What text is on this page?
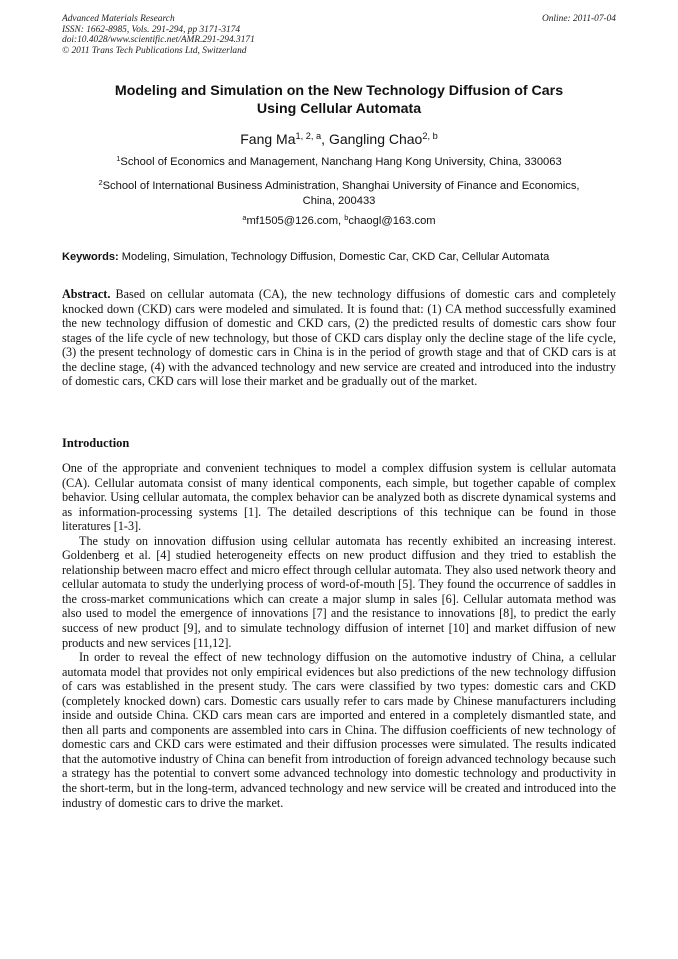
Advanced Materials Research
ISSN: 1662-8985, Vols. 291-294, pp 3171-3174
doi:10.4028/www.scientific.net/AMR.291-294.3171
© 2011 Trans Tech Publications Ltd, Switzerland
Online: 2011-07-04
Modeling and Simulation on the New Technology Diffusion of Cars
Using Cellular Automata
Fang Ma$^{1, 2, a}$, Gangling Chao$^{2, b}$
$^1$School of Economics and Management, Nanchang Hang Kong University, China, 330063
$^2$School of International Business Administration, Shanghai University of Finance and Economics,
China, 200433
$^a$mf1505@126.com, $^b$chaogl@163.com
Keywords: Modeling, Simulation, Technology Diffusion, Domestic Car, CKD Car, Cellular Automata
Abstract. Based on cellular automata (CA), the new technology diffusions of domestic cars and completely knocked down (CKD) cars were modeled and simulated. It is found that: (1) CA method successfully examined the new technology diffusion of domestic and CKD cars, (2) the predicted results of domestic cars show four stages of the life cycle of new technology, but those of CKD cars display only the decline stage of the life cycle, (3) the present technology of domestic cars in China is in the period of growth stage and that of CKD cars is at the decline stage, (4) with the advanced technology and new service are created and introduced into the industry of domestic cars, CKD cars will lose their market and be gradually out of the market.
Introduction

One of the appropriate and convenient techniques to model a complex diffusion system is cellular automata (CA). Cellular automata consist of many identical components, each simple, but together capable of complex behavior. Using cellular automata, the complex behavior can be analyzed both as discrete dynamical systems and as information-processing systems [1]. The detailed descriptions of this technique can be found in those literatures [1-3].

The study on innovation diffusion using cellular automata has recently exhibited an increasing interest. Goldenberg et al. [4] studied heterogeneity effects on new product diffusion and they tried to establish the relationship between macro effect and micro effect through cellular automata. They also used network theory and cellular automata to study the underlying process of word-of-mouth [5]. They found the occurrence of saddles in the cross-market communications which can create a major slump in sales [6]. Cellular automata method was also used to model the emergence of innovations [7] and the resistance to innovations [8], to predict the early success of new product [9], and to simulate technology diffusion of internet [10] and market diffusion of new products and new services [11,12].

In order to reveal the effect of new technology diffusion on the automotive industry of China, a cellular automata model that provides not only empirical evidences but also predictions of the new technology diffusion of cars was established in the present study. The cars were classified by two types: domestic cars and CKD (completely knocked down) cars. Domestic cars usually refer to cars made by Chinese manufacturers including inside and outside China. CKD cars mean cars are imported and entered in a completely dismantled state, and then all parts and components are assembled into cars in China. The diffusion coefficients of new technology of domestic cars and CKD cars were estimated and their diffusion processes were simulated. The results indicated that the automotive industry of China can benefit from introduction of foreign advanced technology because such a strategy has the potential to convert some advanced technology into domestic technology and productivity in the short-term, but in the long-term, advanced technology and new service will be created and introduced into the industry of domestic cars to drive the market.
